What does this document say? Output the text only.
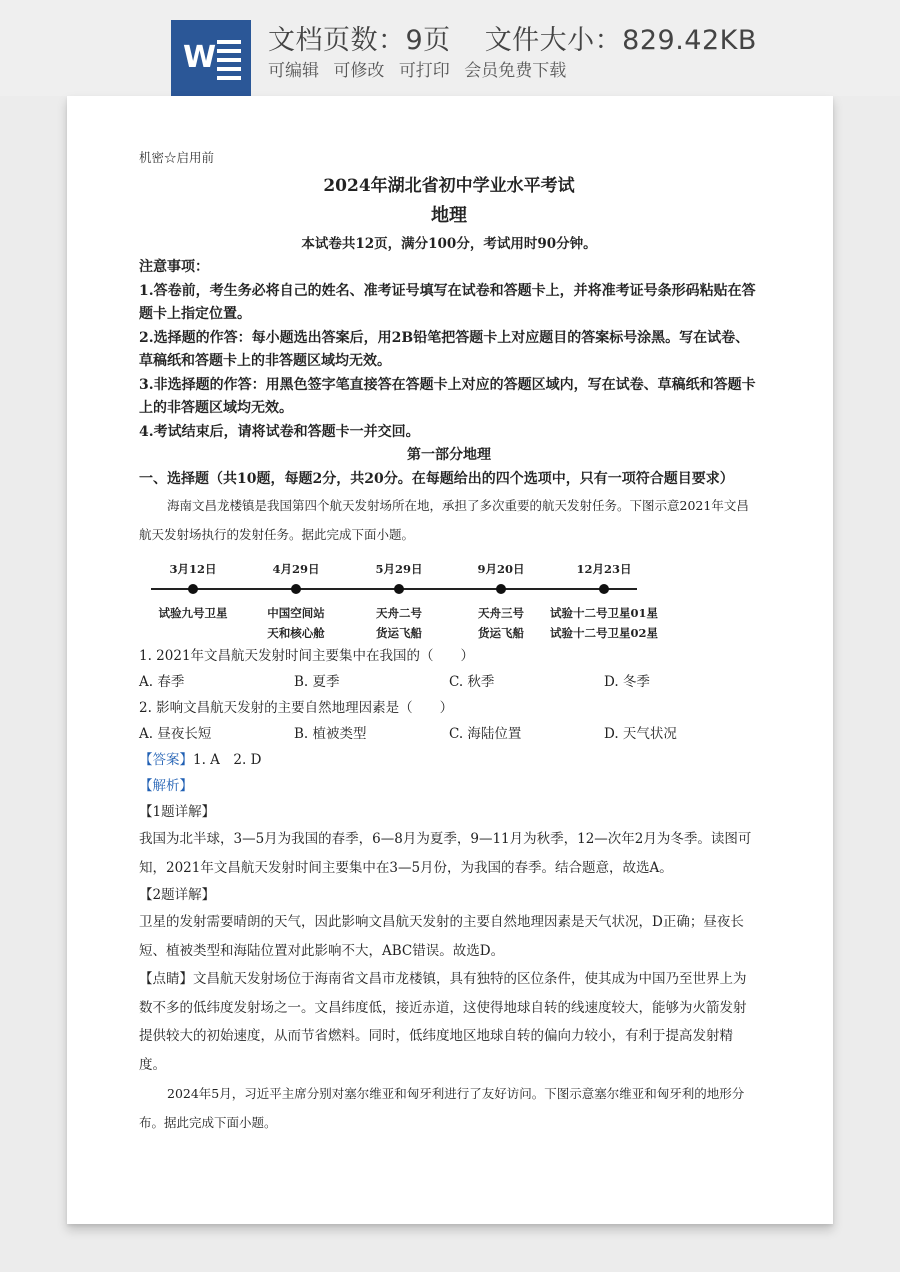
W 文档页数：9页 文件大小：829.42KB
可编辑 可修改 可打印 会员免费下载
机密☆启用前
2024年湖北省初中学业水平考试
地理
本试卷共12页，满分100分，考试用时90分钟。

注意事项：

1.答卷前，考生务必将自己的姓名、准考证号填写在试卷和答题卡上，并将准考证号条形码粘贴在答题卡上指定位置。

2.选择题的作答：每小题选出答案后，用2B铅笔把答题卡上对应题目的答案标号涂黑。写在试卷、草稿纸和答题卡上的非答题区域均无效。

3.非选择题的作答：用黑色签字笔直接答在答题卡上对应的答题区域内，写在试卷、草稿纸和答题卡上的非答题区域均无效。

4.考试结束后，请将试卷和答题卡一并交回。

第一部分地理

一、选择题（共10题，每题2分，共20分。在每题给出的四个选项中，只有一项符合题目要求）

海南文昌龙楼镇是我国第四个航天发射场所在地，承担了多次重要的航天发射任务。下图示意2021年文昌航天发射场执行的发射任务。据此完成下面小题。

3月12日
试验九号卫星
4月29日
中国空间站
天和核心舱
5月29日
天舟二号
货运飞船
9月20日
天舟三号
货运飞船
12月23日
试验十二号卫星01星
试验十二号卫星02星
1. 2021年文昌航天发射时间主要集中在我国的（　　）
A. 春季	B. 夏季	C. 秋季	D. 冬季
2. 影响文昌航天发射的主要自然地理因素是（　　）
A. 昼夜长短	B. 植被类型	C. 海陆位置	D. 天气状况
【答案】1. A　2. D
【解析】
【1题详解】

我国为北半球，3—5月为我国的春季，6—8月为夏季，9—11月为秋季，12—次年2月为冬季。读图可知，2021年文昌航天发射时间主要集中在3—5月份，为我国的春季。结合题意，故选A。

【2题详解】

卫星的发射需要晴朗的天气，因此影响文昌航天发射的主要自然地理因素是天气状况，D正确；昼夜长短、植被类型和海陆位置对此影响不大，ABC错误。故选D。

【点睛】文昌航天发射场位于海南省文昌市龙楼镇，具有独特的区位条件，使其成为中国乃至世界上为数不多的低纬度发射场之一。文昌纬度低，接近赤道，这使得地球自转的线速度较大，能够为火箭发射提供较大的初始速度，从而节省燃料。同时，低纬度地区地球自转的偏向力较小，有利于提高发射精度。

2024年5月，习近平主席分别对塞尔维亚和匈牙利进行了友好访问。下图示意塞尔维亚和匈牙利的地形分布。据此完成下面小题。
